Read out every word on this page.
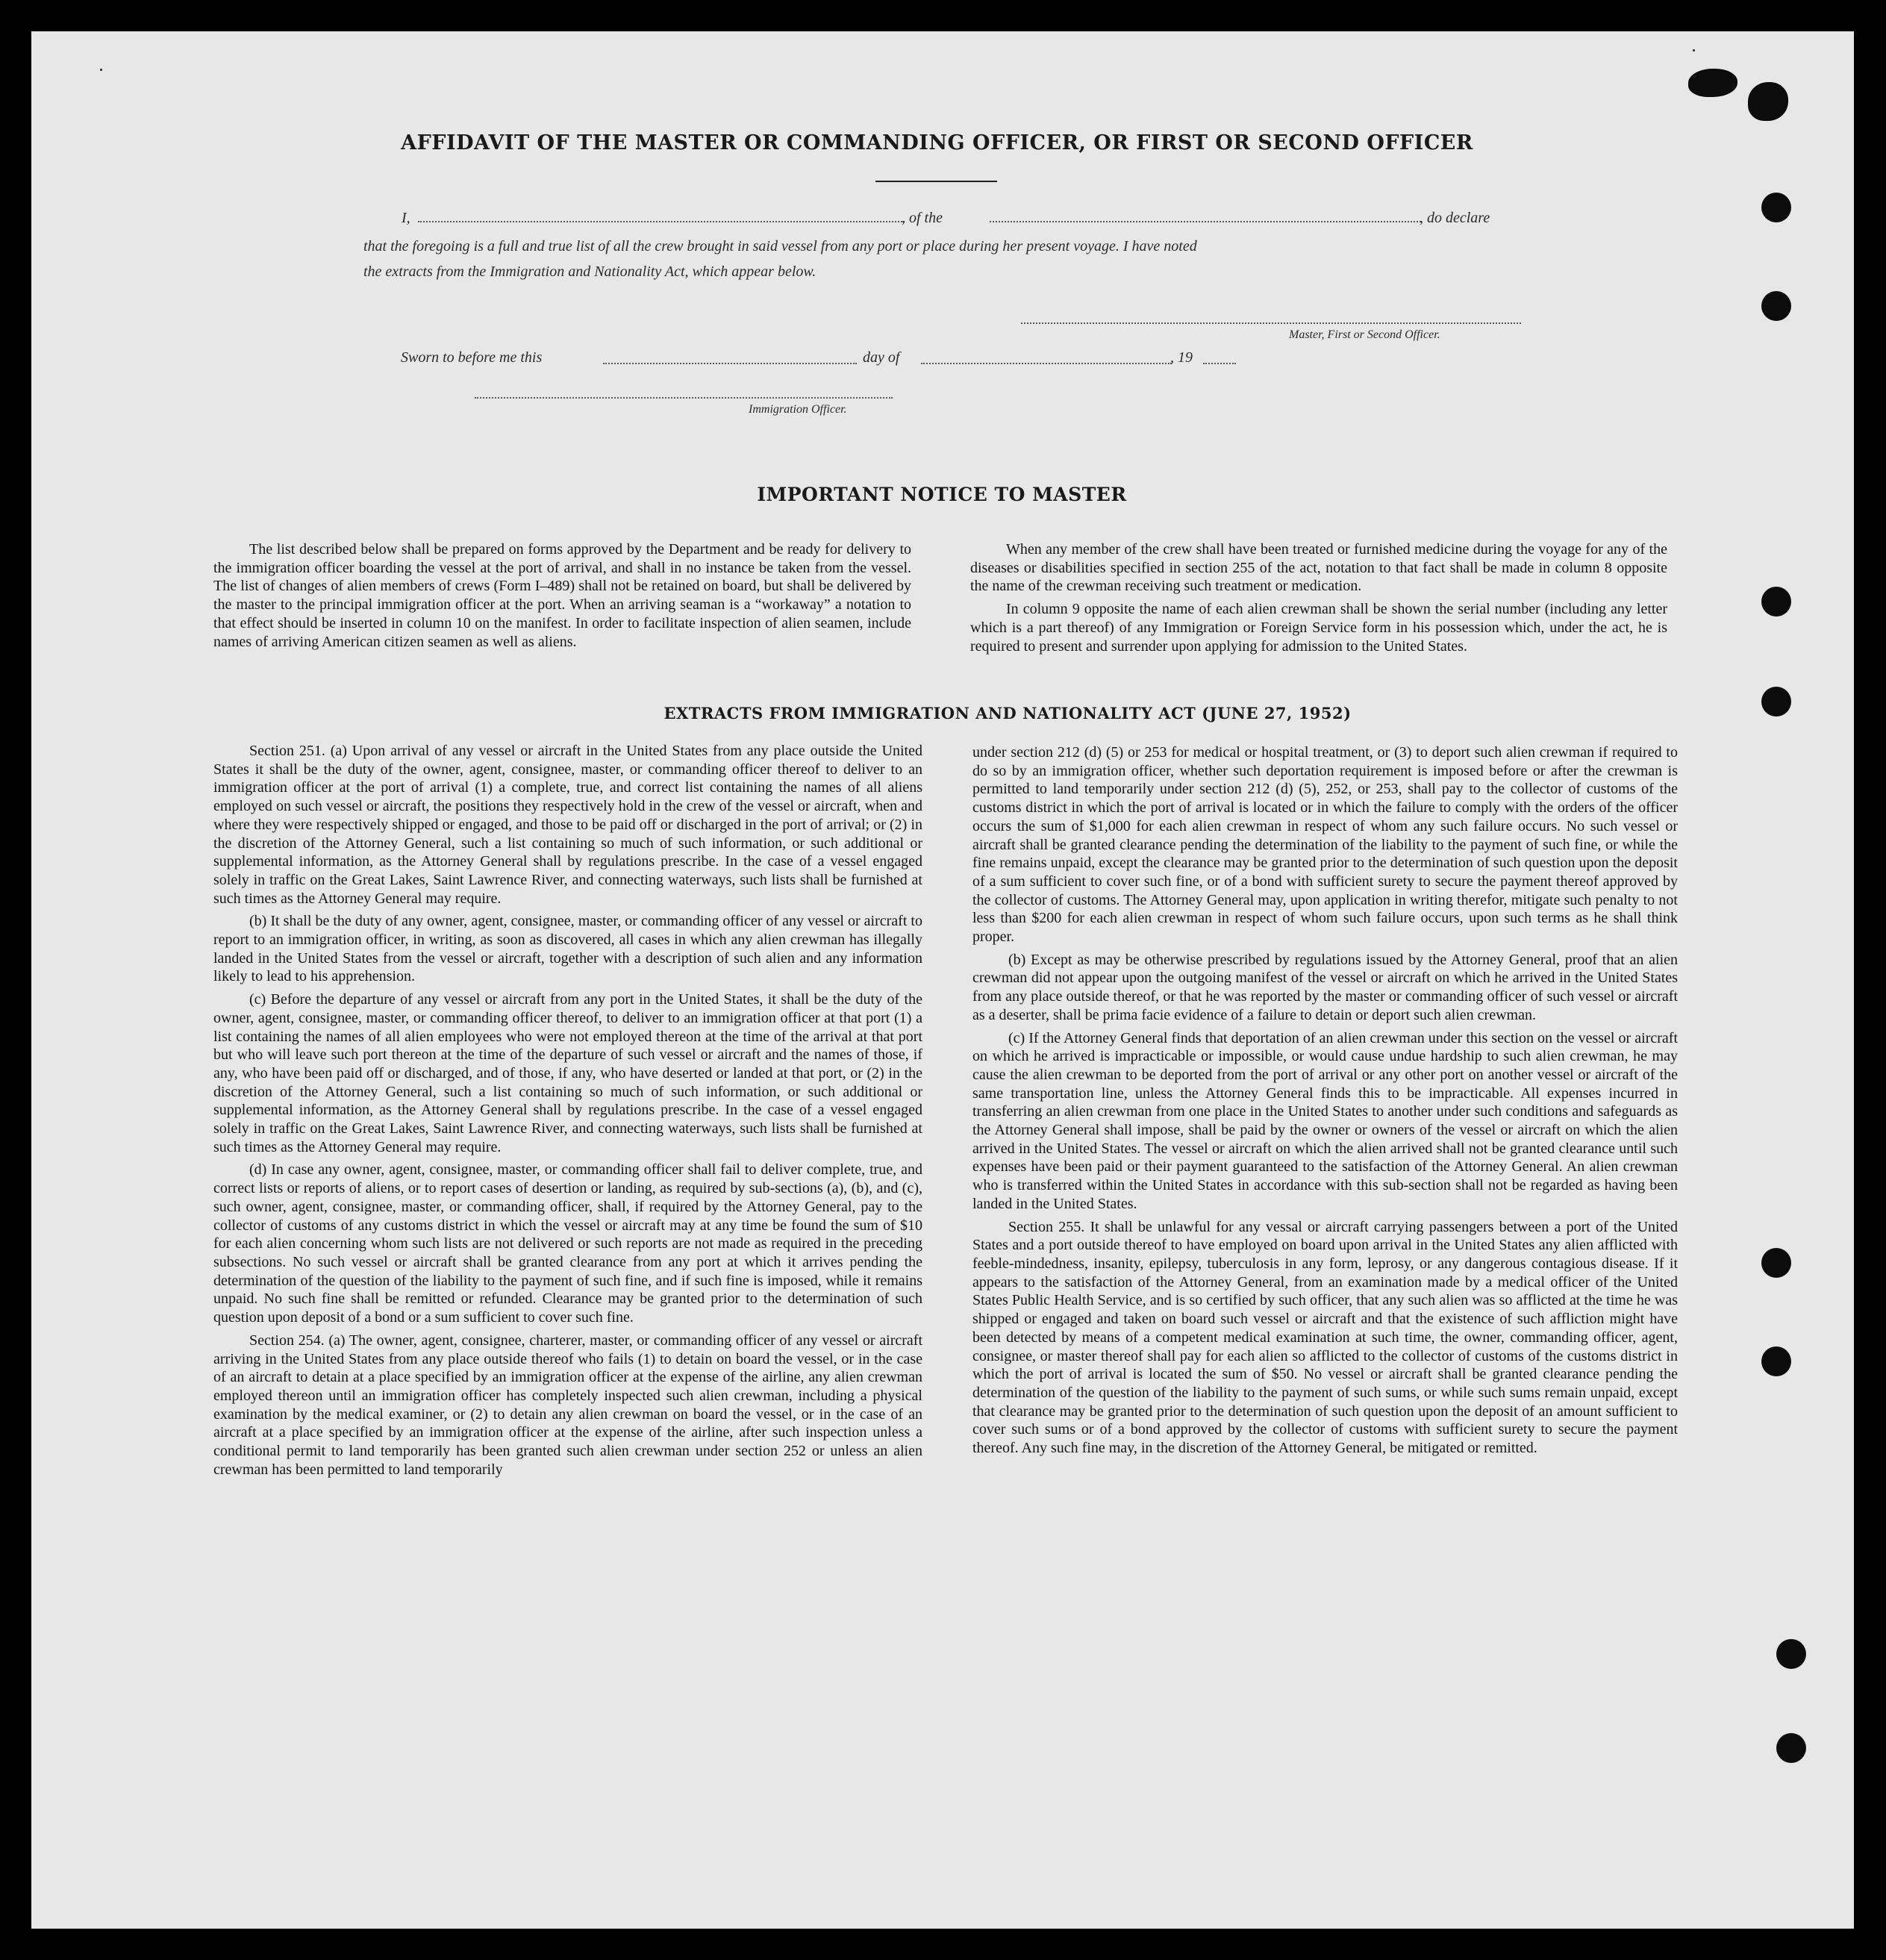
AFFIDAVIT OF THE MASTER OR COMMANDING OFFICER, OR FIRST OR SECOND OFFICER
I,	, of the	, do declare
that the foregoing is a full and true list of all the crew brought in said vessel from any port or place during her present voyage. I have noted
the extracts from the Immigration and Nationality Act, which appear below.
Master, First or Second Officer.
Sworn to before me this	day of	, 19
Immigration Officer.
IMPORTANT NOTICE TO MASTER

The list described below shall be prepared on forms approved by the Department and be ready for delivery to the immigration officer boarding the vessel at the port of arrival, and shall in no instance be taken from the vessel. The list of changes of alien members of crews (Form I–489) shall not be retained on board, but shall be delivered by the master to the principal immigration officer at the port. When an arriving seaman is a “workaway” a notation to that effect should be inserted in column 10 on the manifest. In order to facilitate inspection of alien seamen, include names of arriving American citizen seamen as well as aliens.

When any member of the crew shall have been treated or furnished medicine during the voyage for any of the diseases or disabilities specified in section 255 of the act, notation to that fact shall be made in column 8 opposite the name of the crewman receiving such treatment or medication.

In column 9 opposite the name of each alien crewman shall be shown the serial number (including any letter which is a part thereof) of any Immigration or Foreign Service form in his possession which, under the act, he is required to present and surrender upon applying for admission to the United States.

EXTRACTS FROM IMMIGRATION AND NATIONALITY ACT (JUNE 27, 1952)

Section 251. (a) Upon arrival of any vessel or aircraft in the United States from any place outside the United States it shall be the duty of the owner, agent, consignee, master, or commanding officer thereof to deliver to an immigration officer at the port of arrival (1) a complete, true, and correct list containing the names of all aliens employed on such vessel or aircraft, the positions they respectively hold in the crew of the vessel or aircraft, when and where they were respectively shipped or engaged, and those to be paid off or discharged in the port of arrival; or (2) in the discretion of the Attorney General, such a list containing so much of such information, or such additional or supplemental information, as the Attorney General shall by regulations prescribe. In the case of a vessel engaged solely in traffic on the Great Lakes, Saint Lawrence River, and connecting waterways, such lists shall be furnished at such times as the Attorney General may require.

(b) It shall be the duty of any owner, agent, consignee, master, or commanding officer of any vessel or aircraft to report to an immigration officer, in writing, as soon as discovered, all cases in which any alien crewman has illegally landed in the United States from the vessel or aircraft, together with a description of such alien and any information likely to lead to his apprehension.

(c) Before the departure of any vessel or aircraft from any port in the United States, it shall be the duty of the owner, agent, consignee, master, or commanding officer thereof, to deliver to an immigration officer at that port (1) a list containing the names of all alien employees who were not employed thereon at the time of the arrival at that port but who will leave such port thereon at the time of the departure of such vessel or aircraft and the names of those, if any, who have been paid off or discharged, and of those, if any, who have deserted or landed at that port, or (2) in the discretion of the Attorney General, such a list containing so much of such information, or such additional or supplemental information, as the Attorney General shall by regulations prescribe. In the case of a vessel engaged solely in traffic on the Great Lakes, Saint Lawrence River, and connecting waterways, such lists shall be furnished at such times as the Attorney General may require.

(d) In case any owner, agent, consignee, master, or commanding officer shall fail to deliver complete, true, and correct lists or reports of aliens, or to report cases of desertion or landing, as required by sub-sections (a), (b), and (c), such owner, agent, consignee, master, or commanding officer, shall, if required by the Attorney General, pay to the collector of customs of any customs district in which the vessel or aircraft may at any time be found the sum of $10 for each alien concerning whom such lists are not delivered or such reports are not made as required in the preceding subsections. No such vessel or aircraft shall be granted clearance from any port at which it arrives pending the determination of the question of the liability to the payment of such fine, and if such fine is imposed, while it remains unpaid. No such fine shall be remitted or refunded. Clearance may be granted prior to the determination of such question upon deposit of a bond or a sum sufficient to cover such fine.

Section 254. (a) The owner, agent, consignee, charterer, master, or commanding officer of any vessel or aircraft arriving in the United States from any place outside thereof who fails (1) to detain on board the vessel, or in the case of an aircraft to detain at a place specified by an immigration officer at the expense of the airline, any alien crewman employed thereon until an immigration officer has completely inspected such alien crewman, including a physical examination by the medical examiner, or (2) to detain any alien crewman on board the vessel, or in the case of an aircraft at a place specified by an immigration officer at the expense of the airline, after such inspection unless a conditional permit to land temporarily has been granted such alien crewman under section 252 or unless an alien crewman has been permitted to land temporarily

under section 212 (d) (5) or 253 for medical or hospital treatment, or (3) to deport such alien crewman if required to do so by an immigration officer, whether such deportation requirement is imposed before or after the crewman is permitted to land temporarily under section 212 (d) (5), 252, or 253, shall pay to the collector of customs of the customs district in which the port of arrival is located or in which the failure to comply with the orders of the officer occurs the sum of $1,000 for each alien crewman in respect of whom any such failure occurs. No such vessel or aircraft shall be granted clearance pending the determination of the liability to the payment of such fine, or while the fine remains unpaid, except the clearance may be granted prior to the determination of such question upon the deposit of a sum sufficient to cover such fine, or of a bond with sufficient surety to secure the payment thereof approved by the collector of customs. The Attorney General may, upon application in writing therefor, mitigate such penalty to not less than $200 for each alien crewman in respect of whom such failure occurs, upon such terms as he shall think proper.

(b) Except as may be otherwise prescribed by regulations issued by the Attorney General, proof that an alien crewman did not appear upon the outgoing manifest of the vessel or aircraft on which he arrived in the United States from any place outside thereof, or that he was reported by the master or commanding officer of such vessel or aircraft as a deserter, shall be prima facie evidence of a failure to detain or deport such alien crewman.

(c) If the Attorney General finds that deportation of an alien crewman under this section on the vessel or aircraft on which he arrived is impracticable or impossible, or would cause undue hardship to such alien crewman, he may cause the alien crewman to be deported from the port of arrival or any other port on another vessel or aircraft of the same transportation line, unless the Attorney General finds this to be impracticable. All expenses incurred in transferring an alien crewman from one place in the United States to another under such conditions and safeguards as the Attorney General shall impose, shall be paid by the owner or owners of the vessel or aircraft on which the alien arrived in the United States. The vessel or aircraft on which the alien arrived shall not be granted clearance until such expenses have been paid or their payment guaranteed to the satisfaction of the Attorney General. An alien crewman who is transferred within the United States in accordance with this sub-section shall not be regarded as having been landed in the United States.

Section 255. It shall be unlawful for any vessal or aircraft carrying passengers between a port of the United States and a port outside thereof to have employed on board upon arrival in the United States any alien afflicted with feeble-mindedness, insanity, epilepsy, tuberculosis in any form, leprosy, or any dangerous contagious disease. If it appears to the satisfaction of the Attorney General, from an examination made by a medical officer of the United States Public Health Service, and is so certified by such officer, that any such alien was so afflicted at the time he was shipped or engaged and taken on board such vessel or aircraft and that the existence of such affliction might have been detected by means of a competent medical examination at such time, the owner, commanding officer, agent, consignee, or master thereof shall pay for each alien so afflicted to the collector of customs of the customs district in which the port of arrival is located the sum of $50. No vessel or aircraft shall be granted clearance pending the determination of the question of the liability to the payment of such sums, or while such sums remain unpaid, except that clearance may be granted prior to the determination of such question upon the deposit of an amount sufficient to cover such sums or of a bond approved by the collector of customs with sufficient surety to secure the payment thereof. Any such fine may, in the discretion of the Attorney General, be mitigated or remitted.
